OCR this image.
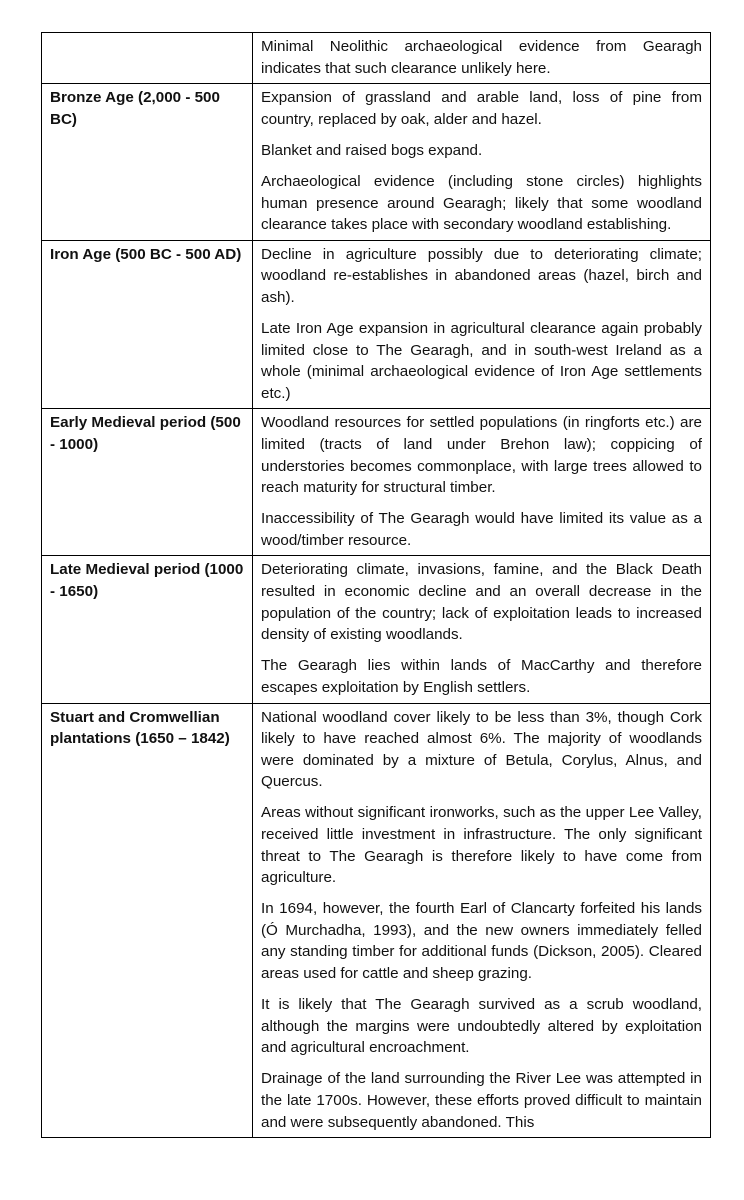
	Minimal Neolithic archaeological evidence from Gearagh indicates that such clearance unlikely here.

Bronze Age (2,000 - 500 BC)	Expansion of grassland and arable land, loss of pine from country, replaced by oak, alder and hazel.

Blanket and raised bogs expand.

Archaeological evidence (including stone circles) highlights human presence around Gearagh; likely that some woodland clearance takes place with secondary woodland establishing.

Iron Age (500 BC - 500 AD)	Decline in agriculture possibly due to deteriorating climate; woodland re-establishes in abandoned areas (hazel, birch and ash).

Late Iron Age expansion in agricultural clearance again probably limited close to The Gearagh, and in south-west Ireland as a whole (minimal archaeological evidence of Iron Age settlements etc.)

Early Medieval period (500 - 1000)	Woodland resources for settled populations (in ringforts etc.) are limited (tracts of land under Brehon law); coppicing of understories becomes commonplace, with large trees allowed to reach maturity for structural timber.

Inaccessibility of The Gearagh would have limited its value as a wood/timber resource.

Late Medieval period (1000 - 1650)	Deteriorating climate, invasions, famine, and the Black Death resulted in economic decline and an overall decrease in the population of the country; lack of exploitation leads to increased density of existing woodlands.

The Gearagh lies within lands of MacCarthy and therefore escapes exploitation by English settlers.

Stuart and Cromwellian plantations (1650 – 1842)	National woodland cover likely to be less than 3%, though Cork likely to have reached almost 6%. The majority of woodlands were dominated by a mixture of Betula, Corylus, Alnus, and Quercus.

Areas without significant ironworks, such as the upper Lee Valley, received little investment in infrastructure. The only significant threat to The Gearagh is therefore likely to have come from agriculture.

In 1694, however, the fourth Earl of Clancarty forfeited his lands (Ó Murchadha, 1993), and the new owners immediately felled any standing timber for additional funds (Dickson, 2005). Cleared areas used for cattle and sheep grazing.

It is likely that The Gearagh survived as a scrub woodland, although the margins were undoubtedly altered by exploitation and agricultural encroachment.

Drainage of the land surrounding the River Lee was attempted in the late 1700s. However, these efforts proved difficult to maintain and were subsequently abandoned. This
